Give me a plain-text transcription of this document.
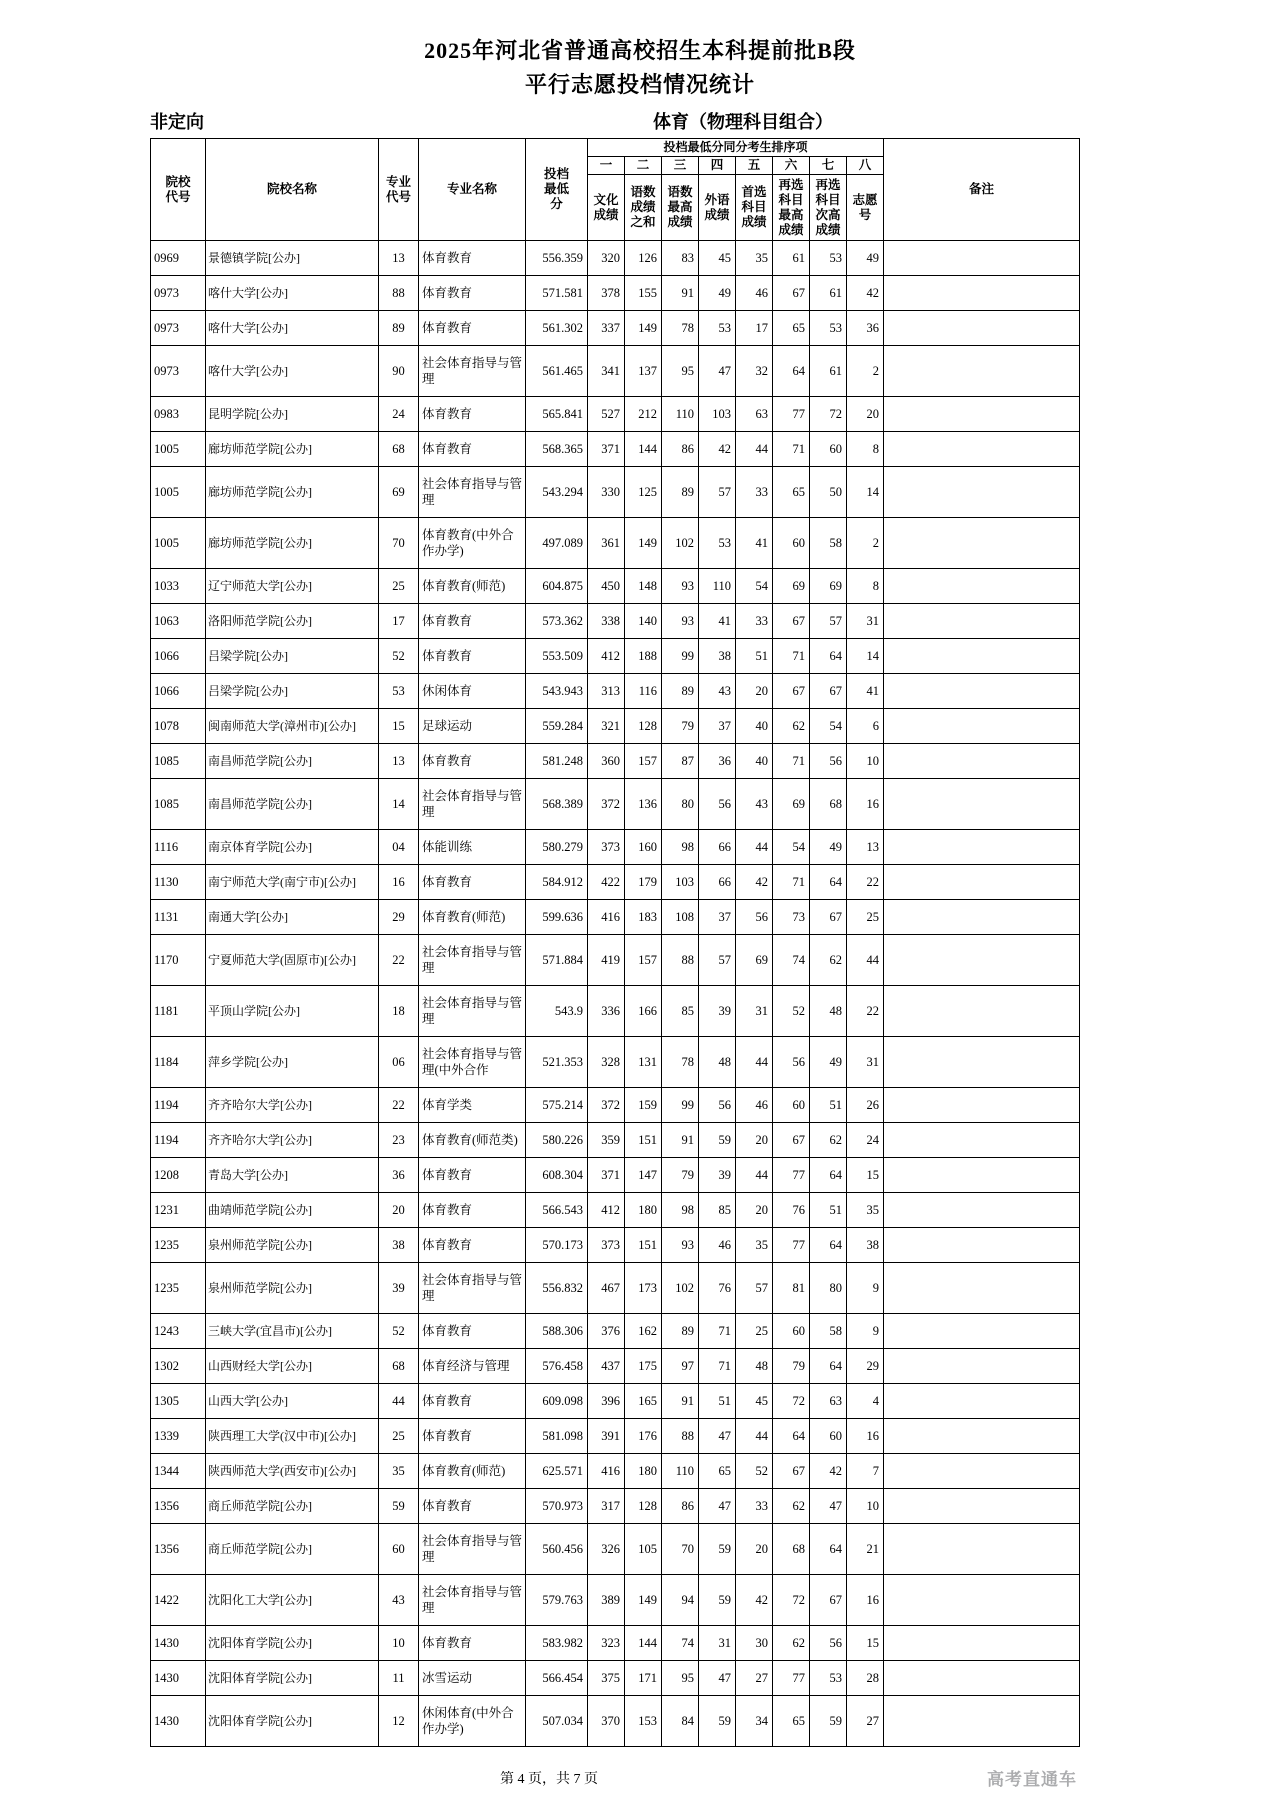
2025年河北省普通高校招生本科提前批B段
平行志愿投档情况统计
非定向	体育（物理科目组合）
院校代号	院校名称	专业代号	专业名称	投档最低分	投档最低分同分考生排序项								备注
					一	二	三	四	五	六	七	八	
					文化成绩	语数成绩之和	语数最高成绩	外语成绩	首选科目成绩	再选科目最高成绩	再选科目次高成绩	志愿号	
0969	景德镇学院[公办]	13	体育教育	556.359	320	126	83	45	35	61	53	49	
0973	喀什大学[公办]	88	体育教育	571.581	378	155	91	49	46	67	61	42	
0973	喀什大学[公办]	89	体育教育	561.302	337	149	78	53	17	65	53	36	
0973	喀什大学[公办]	90	社会体育指导与管理	561.465	341	137	95	47	32	64	61	2	
0983	昆明学院[公办]	24	体育教育	565.841	527	212	110	103	63	77	72	20	
1005	廊坊师范学院[公办]	68	体育教育	568.365	371	144	86	42	44	71	60	8	
1005	廊坊师范学院[公办]	69	社会体育指导与管理	543.294	330	125	89	57	33	65	50	14	
1005	廊坊师范学院[公办]	70	体育教育(中外合作办学)	497.089	361	149	102	53	41	60	58	2	
1033	辽宁师范大学[公办]	25	体育教育(师范)	604.875	450	148	93	110	54	69	69	8	
1063	洛阳师范学院[公办]	17	体育教育	573.362	338	140	93	41	33	67	57	31	
1066	吕梁学院[公办]	52	体育教育	553.509	412	188	99	38	51	71	64	14	
1066	吕梁学院[公办]	53	休闲体育	543.943	313	116	89	43	20	67	67	41	
1078	闽南师范大学(漳州市)[公办]	15	足球运动	559.284	321	128	79	37	40	62	54	6	
1085	南昌师范学院[公办]	13	体育教育	581.248	360	157	87	36	40	71	56	10	
1085	南昌师范学院[公办]	14	社会体育指导与管理	568.389	372	136	80	56	43	69	68	16	
1116	南京体育学院[公办]	04	体能训练	580.279	373	160	98	66	44	54	49	13	
1130	南宁师范大学(南宁市)[公办]	16	体育教育	584.912	422	179	103	66	42	71	64	22	
1131	南通大学[公办]	29	体育教育(师范)	599.636	416	183	108	37	56	73	67	25	
1170	宁夏师范大学(固原市)[公办]	22	社会体育指导与管理	571.884	419	157	88	57	69	74	62	44	
1181	平顶山学院[公办]	18	社会体育指导与管理	543.9	336	166	85	39	31	52	48	22	
1184	萍乡学院[公办]	06	社会体育指导与管理(中外合作	521.353	328	131	78	48	44	56	49	31	
1194	齐齐哈尔大学[公办]	22	体育学类	575.214	372	159	99	56	46	60	51	26	
1194	齐齐哈尔大学[公办]	23	体育教育(师范类)	580.226	359	151	91	59	20	67	62	24	
1208	青岛大学[公办]	36	体育教育	608.304	371	147	79	39	44	77	64	15	
1231	曲靖师范学院[公办]	20	体育教育	566.543	412	180	98	85	20	76	51	35	
1235	泉州师范学院[公办]	38	体育教育	570.173	373	151	93	46	35	77	64	38	
1235	泉州师范学院[公办]	39	社会体育指导与管理	556.832	467	173	102	76	57	81	80	9	
1243	三峡大学(宜昌市)[公办]	52	体育教育	588.306	376	162	89	71	25	60	58	9	
1302	山西财经大学[公办]	68	体育经济与管理	576.458	437	175	97	71	48	79	64	29	
1305	山西大学[公办]	44	体育教育	609.098	396	165	91	51	45	72	63	4	
1339	陕西理工大学(汉中市)[公办]	25	体育教育	581.098	391	176	88	47	44	64	60	16	
1344	陕西师范大学(西安市)[公办]	35	体育教育(师范)	625.571	416	180	110	65	52	67	42	7	
1356	商丘师范学院[公办]	59	体育教育	570.973	317	128	86	47	33	62	47	10	
1356	商丘师范学院[公办]	60	社会体育指导与管理	560.456	326	105	70	59	20	68	64	21	
1422	沈阳化工大学[公办]	43	社会体育指导与管理	579.763	389	149	94	59	42	72	67	16	
1430	沈阳体育学院[公办]	10	体育教育	583.982	323	144	74	31	30	62	56	15	
1430	沈阳体育学院[公办]	11	冰雪运动	566.454	375	171	95	47	27	77	53	28	
1430	沈阳体育学院[公办]	12	休闲体育(中外合作办学)	507.034	370	153	84	59	34	65	59	27	
第 4 页，共 7 页	高考直通车
